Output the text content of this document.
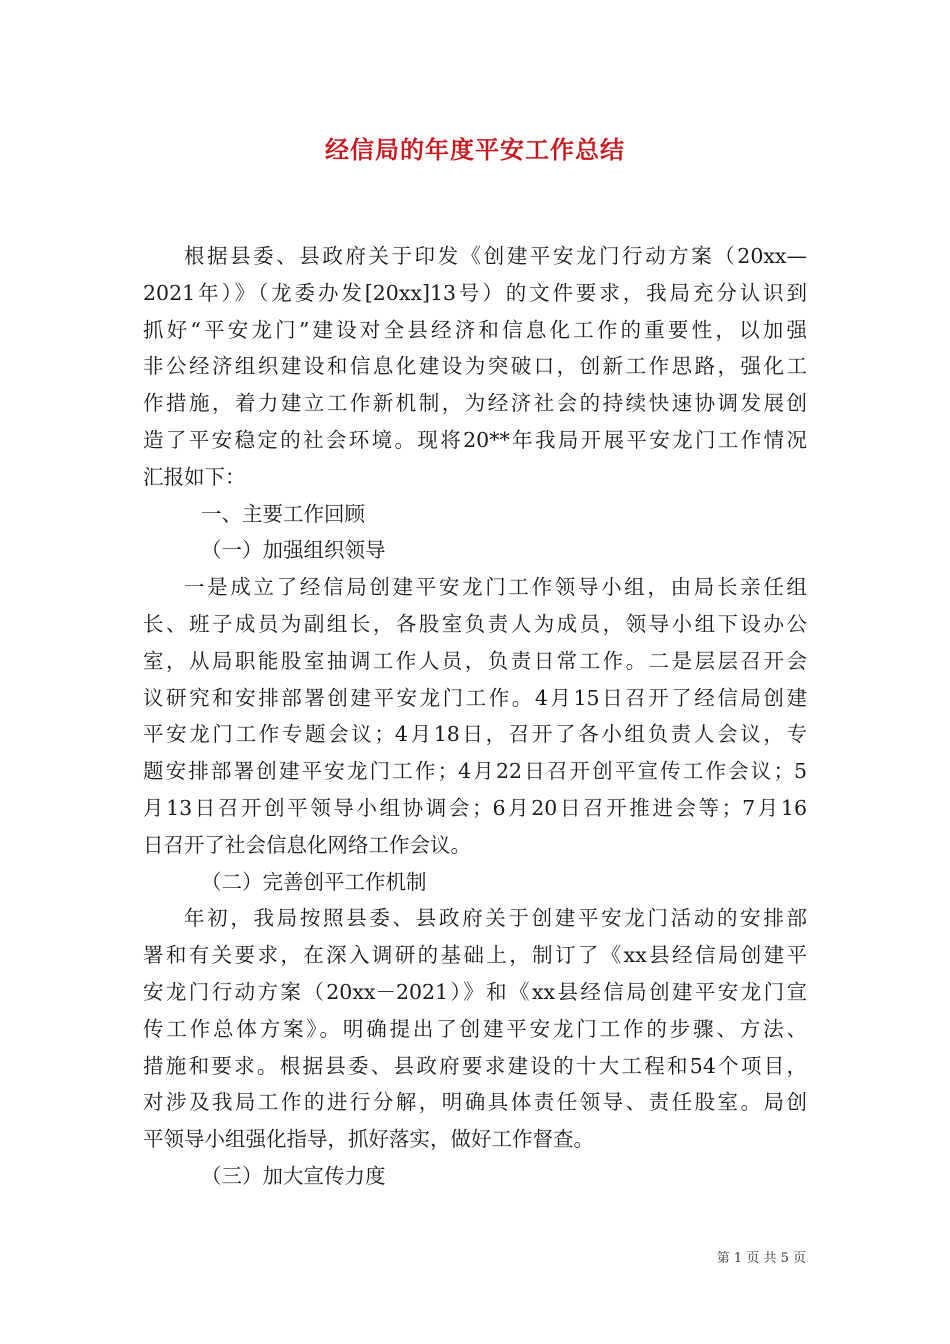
经信局的年度平安工作总结
根据县委、县政府关于印发《创建平安龙门行动方案（20xx—
2021年）》（龙委办发[20xx]13号）的文件要求，我局充分认识到
抓好“平安龙门”建设对全县经济和信息化工作的重要性，以加强
非公经济组织建设和信息化建设为突破口，创新工作思路，强化工
作措施，着力建立工作新机制，为经济社会的持续快速协调发展创
造了平安稳定的社会环境。现将20**年我局开展平安龙门工作情况
汇报如下：
一、主要工作回顾
（一）加强组织领导
一是成立了经信局创建平安龙门工作领导小组，由局长亲任组
长、班子成员为副组长，各股室负责人为成员，领导小组下设办公
室，从局职能股室抽调工作人员，负责日常工作。二是层层召开会
议研究和安排部署创建平安龙门工作。4月15日召开了经信局创建
平安龙门工作专题会议；4月18日，召开了各小组负责人会议，专
题安排部署创建平安龙门工作；4月22日召开创平宣传工作会议；5
月13日召开创平领导小组协调会；6月20日召开推进会等；7月16
日召开了社会信息化网络工作会议。
（二）完善创平工作机制
年初，我局按照县委、县政府关于创建平安龙门活动的安排部
署和有关要求，在深入调研的基础上，制订了《xx县经信局创建平
安龙门行动方案（20xx－2021）》和《xx县经信局创建平安龙门宣
传工作总体方案》。明确提出了创建平安龙门工作的步骤、方法、
措施和要求。根据县委、县政府要求建设的十大工程和54个项目，
对涉及我局工作的进行分解，明确具体责任领导、责任股室。局创
平领导小组强化指导，抓好落实，做好工作督查。
（三）加大宣传力度
第 1 页 共 5 页
